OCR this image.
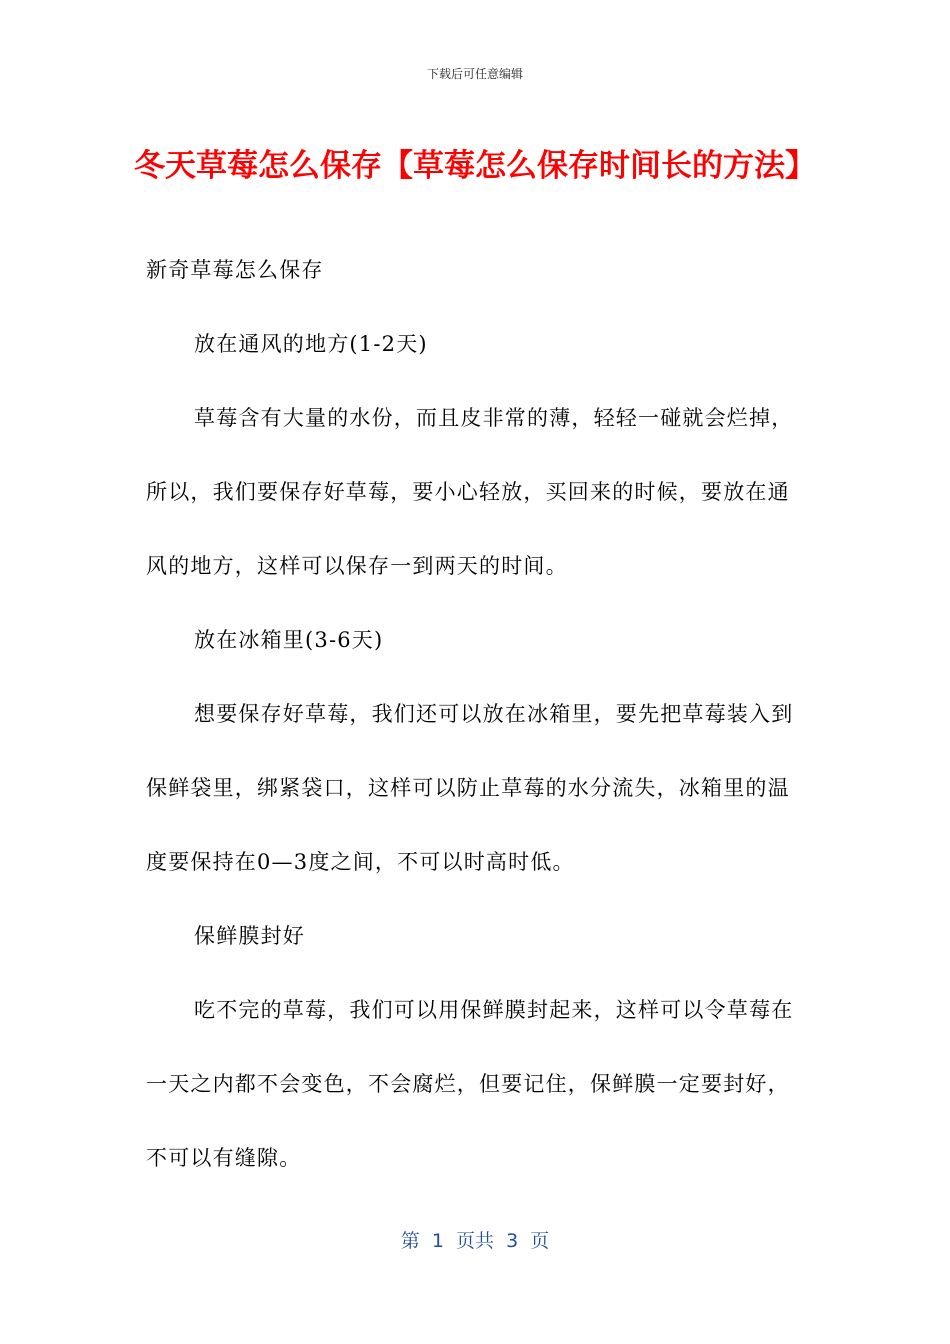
下载后可任意编辑
冬天草莓怎么保存【草莓怎么保存时间长的方法】

新奇草莓怎么保存

放在通风的地方(1-2天)

草莓含有大量的水份，而且皮非常的薄，轻轻一碰就会烂掉，所以，我们要保存好草莓，要小心轻放，买回来的时候，要放在通风的地方，这样可以保存一到两天的时间。

放在冰箱里(3-6天)

想要保存好草莓，我们还可以放在冰箱里，要先把草莓装入到保鲜袋里，绑紧袋口，这样可以防止草莓的水分流失，冰箱里的温度要保持在0—3度之间，不可以时高时低。

保鲜膜封好

吃不完的草莓，我们可以用保鲜膜封起来，这样可以令草莓在一天之内都不会变色，不会腐烂，但要记住，保鲜膜一定要封好，不可以有缝隙。

第  1  页共  3  页
